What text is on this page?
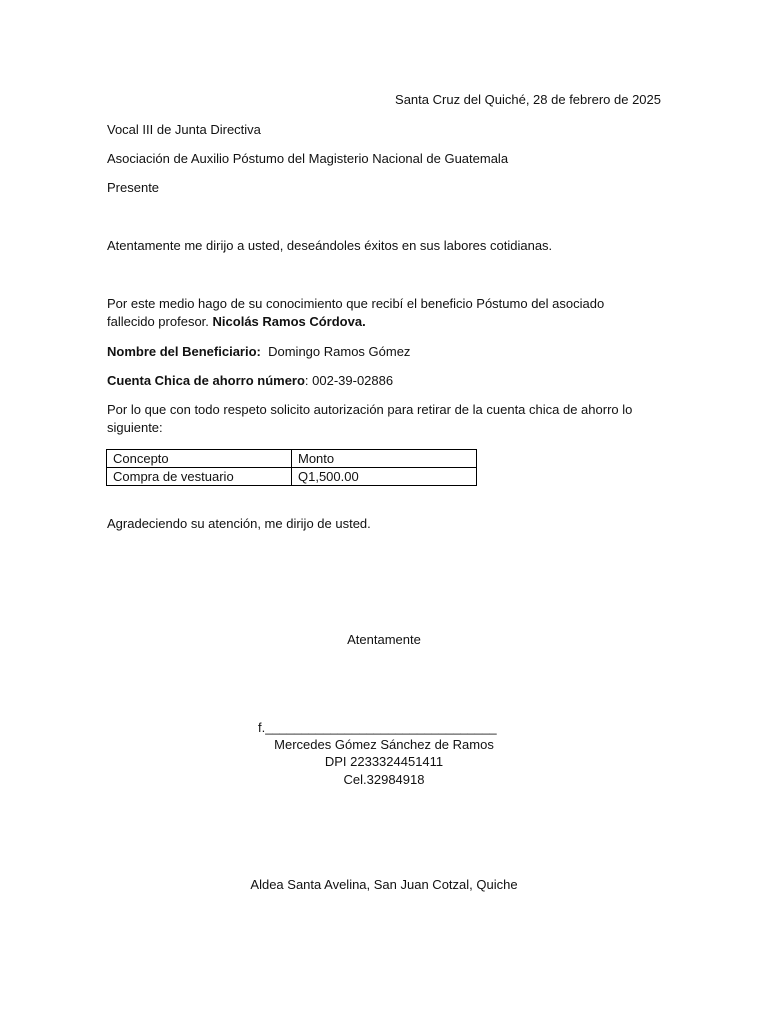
Santa Cruz del Quiché, 28 de febrero de 2025
Vocal III de Junta Directiva
Asociación de Auxilio Póstumo del Magisterio Nacional de Guatemala
Presente
Atentamente me dirijo a usted, deseándoles éxitos en sus labores cotidianas.
Por este medio hago de su conocimiento que recibí el beneficio Póstumo del asociado fallecido profesor. Nicolás Ramos Córdova.
Nombre del Beneficiario: Domingo Ramos Gómez
Cuenta Chica de ahorro número: 002-39-02886
Por lo que con todo respeto solicito autorización para retirar de la cuenta chica de ahorro lo siguiente:
Concepto	Monto
Compra de vestuario	Q1,500.00
Agradeciendo su atención, me dirijo de usted.
Atentamente
f.________________________________
Mercedes Gómez Sánchez de Ramos
DPI 2233324451411
Cel.32984918
Aldea Santa Avelina, San Juan Cotzal, Quiche
